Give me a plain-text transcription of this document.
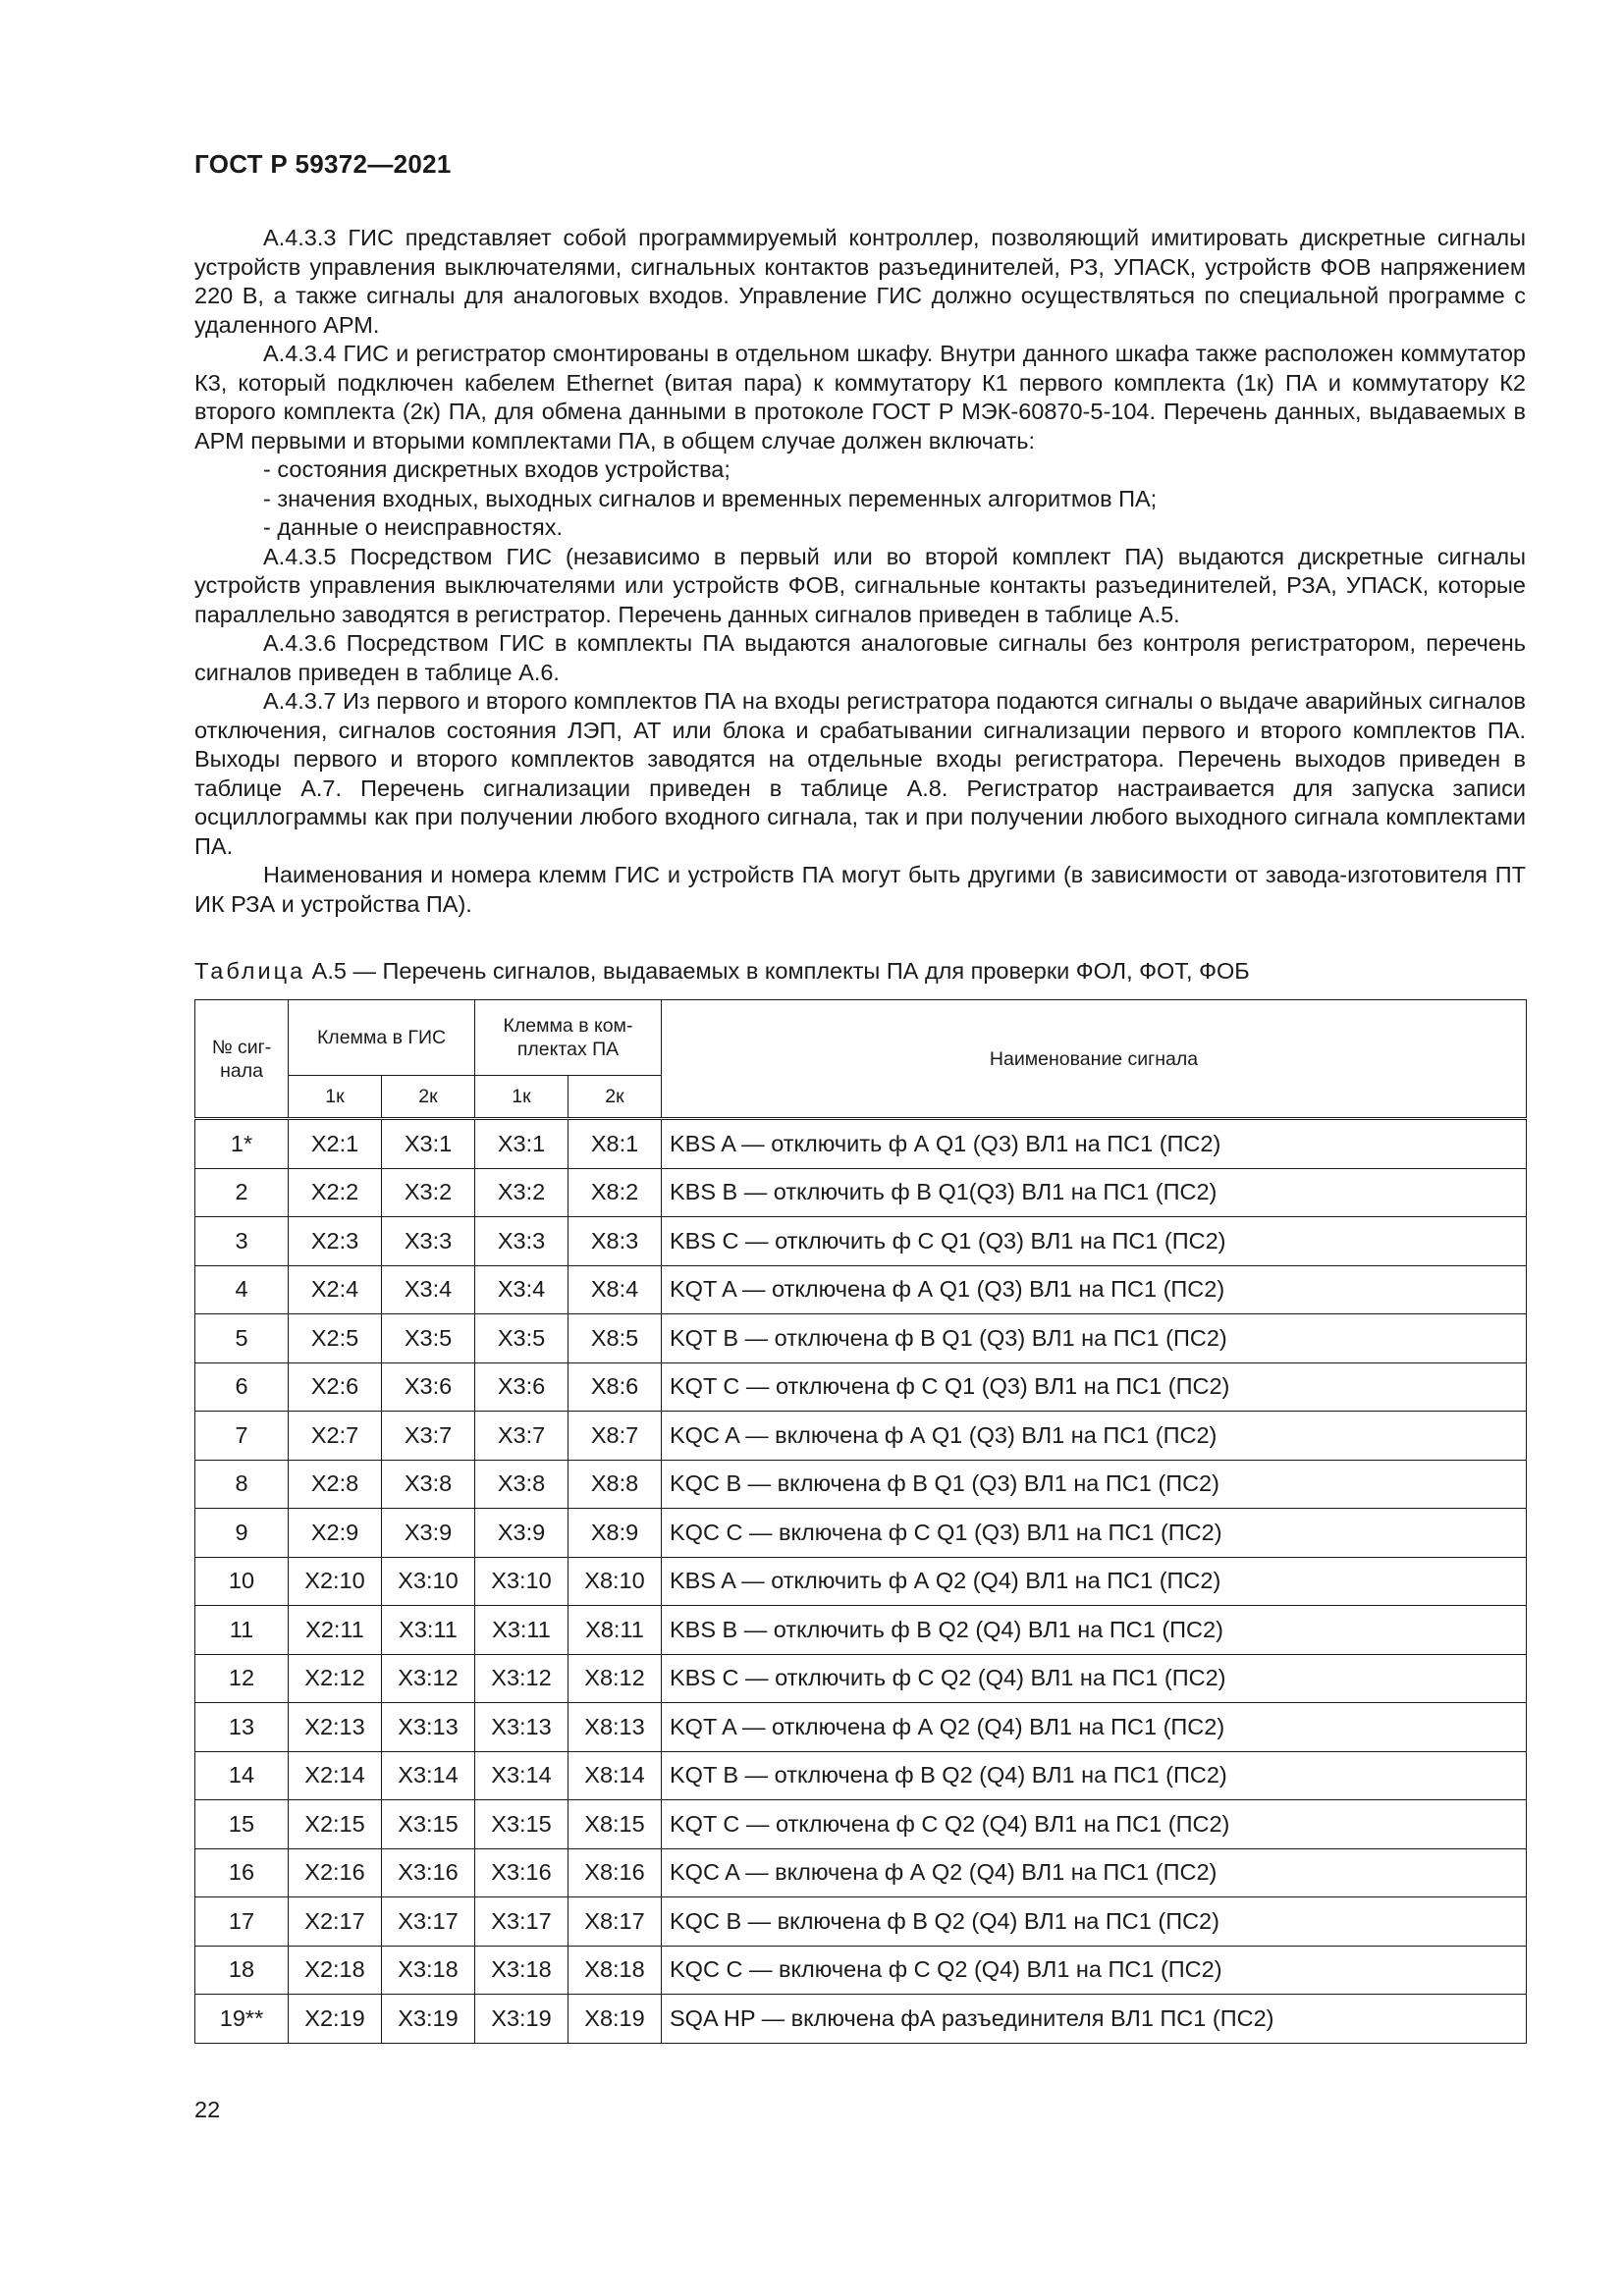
ГОСТ Р 59372—2021

А.4.3.3 ГИС представляет собой программируемый контроллер, позволяющий имитировать дискретные сигналы устройств управления выключателями, сигнальных контактов разъединителей, РЗ, УПАСК, устройств ФОВ напряжением 220 В, а также сигналы для аналоговых входов. Управление ГИС должно осуществляться по специальной программе с удаленного АРМ.

А.4.3.4 ГИС и регистратор смонтированы в отдельном шкафу. Внутри данного шкафа также расположен коммутатор К3, который подключен кабелем Ethernet (витая пара) к коммутатору К1 первого комплекта (1к) ПА и коммутатору К2 второго комплекта (2к) ПА, для обмена данными в протоколе ГОСТ Р МЭК-60870-5-104. Перечень данных, выдаваемых в АРМ первыми и вторыми комплектами ПА, в общем случае должен включать:

- состояния дискретных входов устройства;

- значения входных, выходных сигналов и временных переменных алгоритмов ПА;

- данные о неисправностях.

А.4.3.5 Посредством ГИС (независимо в первый или во второй комплект ПА) выдаются дискретные сигналы устройств управления выключателями или устройств ФОВ, сигнальные контакты разъединителей, РЗА, УПАСК, которые параллельно заводятся в регистратор. Перечень данных сигналов приведен в таблице А.5.

А.4.3.6 Посредством ГИС в комплекты ПА выдаются аналоговые сигналы без контроля регистратором, перечень сигналов приведен в таблице А.6.

А.4.3.7 Из первого и второго комплектов ПА на входы регистратора подаются сигналы о выдаче аварийных сигналов отключения, сигналов состояния ЛЭП, АТ или блока и срабатывании сигнализации первого и второго комплектов ПА. Выходы первого и второго комплектов заводятся на отдельные входы регистратора. Перечень выходов приведен в таблице А.7. Перечень сигнализации приведен в таблице А.8. Регистратор настраивается для запуска записи осциллограммы как при получении любого входного сигнала, так и при получении любого выходного сигнала комплектами ПА.

Наименования и номера клемм ГИС и устройств ПА могут быть другими (в зависимости от завода-изготовителя ПТ ИК РЗА и устройства ПА).

Таблица А.5 — Перечень сигналов, выдаваемых в комплекты ПА для проверки ФОЛ, ФОТ, ФОБ
№ сиг-нала	Клемма в ГИС		Клемма в ком-плектах ПА		Наименование сигнала
	1к	2к	1к	2к	
1*	X2:1	X3:1	X3:1	X8:1	KBS A — отключить ф А Q1 (Q3) ВЛ1 на ПС1 (ПС2)
2	X2:2	X3:2	X3:2	X8:2	KBS B — отключить ф В Q1(Q3) ВЛ1 на ПС1 (ПС2)
3	X2:3	X3:3	X3:3	X8:3	KBS C — отключить ф С Q1 (Q3) ВЛ1 на ПС1 (ПС2)
4	X2:4	X3:4	X3:4	X8:4	KQT A — отключена ф А Q1 (Q3) ВЛ1 на ПС1 (ПС2)
5	X2:5	X3:5	X3:5	X8:5	KQT B — отключена ф В Q1 (Q3) ВЛ1 на ПС1 (ПС2)
6	X2:6	X3:6	X3:6	X8:6	KQT C — отключена ф С Q1 (Q3) ВЛ1 на ПС1 (ПС2)
7	X2:7	X3:7	X3:7	X8:7	KQC A — включена ф А Q1 (Q3) ВЛ1 на ПС1 (ПС2)
8	X2:8	X3:8	X3:8	X8:8	KQC B — включена ф В Q1 (Q3) ВЛ1 на ПС1 (ПС2)
9	X2:9	X3:9	X3:9	X8:9	KQC C — включена ф С Q1 (Q3) ВЛ1 на ПС1 (ПС2)
10	X2:10	X3:10	X3:10	X8:10	KBS A — отключить ф А Q2 (Q4) ВЛ1 на ПС1 (ПС2)
11	X2:11	X3:11	X3:11	X8:11	KBS B — отключить ф В Q2 (Q4) ВЛ1 на ПС1 (ПС2)
12	X2:12	X3:12	X3:12	X8:12	KBS C — отключить ф С Q2 (Q4) ВЛ1 на ПС1 (ПС2)
13	X2:13	X3:13	X3:13	X8:13	KQT A — отключена ф А Q2 (Q4) ВЛ1 на ПС1 (ПС2)
14	X2:14	X3:14	X3:14	X8:14	KQT B — отключена ф В Q2 (Q4) ВЛ1 на ПС1 (ПС2)
15	X2:15	X3:15	X3:15	X8:15	KQT C — отключена ф С Q2 (Q4) ВЛ1 на ПС1 (ПС2)
16	X2:16	X3:16	X3:16	X8:16	KQC A — включена ф А Q2 (Q4) ВЛ1 на ПС1 (ПС2)
17	X2:17	X3:17	X3:17	X8:17	KQC B — включена ф В Q2 (Q4) ВЛ1 на ПС1 (ПС2)
18	X2:18	X3:18	X3:18	X8:18	KQC C — включена ф С Q2 (Q4) ВЛ1 на ПС1 (ПС2)
19**	X2:19	X3:19	X3:19	X8:19	SQA HP — включена фА разъединителя ВЛ1 ПС1 (ПС2)
22
